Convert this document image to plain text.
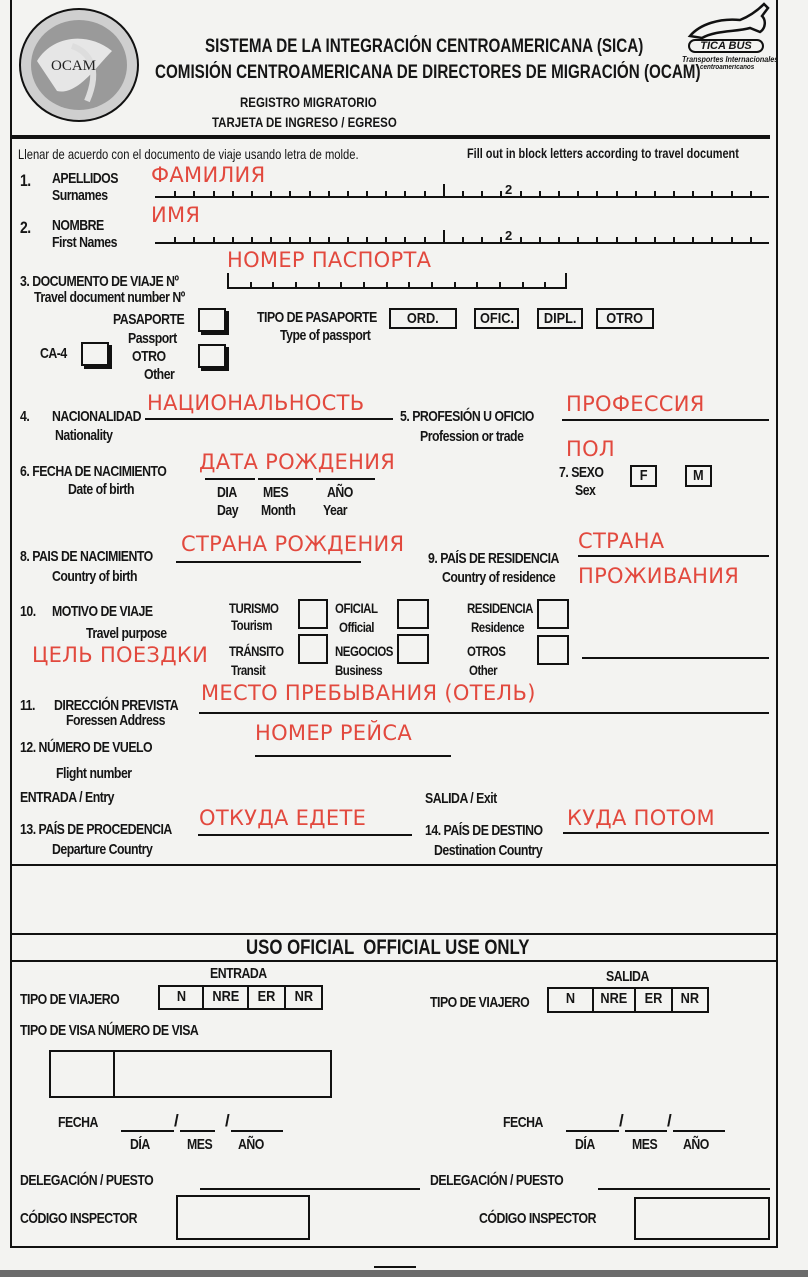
OCAM
SISTEMA DE LA INTEGRACIÓN CENTROAMERICANA (SICA)
COMISIÓN CENTROAMERICANA DE DIRECTORES DE MIGRACIÓN (OCAM)
REGISTRO MIGRATORIO
TARJETA DE INGRESO / EGRESO
TICA BUS
Transportes Internacionales
centroamericanos
Llenar de acuerdo con el documento de viaje usando letra de molde.	Fill out in block letters according to travel document
1. APELLIDOS
Surnames
ФАМИЛИЯ
2
2. NOMBRE
First Names
ИМЯ
2
НОМЕР ПАСПОРТА
3. DOCUMENTO DE VIAJE Nº
Travel document number Nº
PASAPORTE
Passport
CA-4	OTRO
Other
TIPO DE PASAPORTE
Type of passport
ORD.	OFIC.	DIPL.	OTRO
4. NACIONALIDAD
Nationality
НАЦИОНАЛЬНОСТЬ
5. PROFESIÓN U OFICIO
Profession or trade
ПРОФЕССИЯ
6. FECHA DE NACIMIENTO
Date of birth
ДАТА РОЖДЕНИЯ
DIA MES	AÑO
Day Month Year
ПОЛ
7. SEXO
Sex
F	M
8. PAIS DE NACIMIENTO
Country of birth
СТРАНА РОЖДЕНИЯ
9. PAÍS DE RESIDENCIA
Country of residence
СТРАНА
ПРОЖИВАНИЯ
10. MOTIVO DE VIAJE
Travel purpose
ЦЕЛЬ ПОЕЗДКИ
TURISMO
Tourism
OFICIAL
Official
RESIDENCIA
Residence
TRÁNSITO
Transit
NEGOCIOS
Business
OTROS
Other
11. DIRECCIÓN PREVISTA
Foressen Address
МЕСТО ПРЕБЫВАНИЯ (ОТЕЛЬ)
НОМЕР РЕЙСА
12. NÚMERO DE VUELO
Flight number
ENTRADA / Entry	SALIDA / Exit
13. PAÍS DE PROCEDENCIA
Departure Country
ОТКУДА ЕДЕТЕ
14. PAÍS DE DESTINO
Destination Country
КУДА ПОТОМ
USO OFICIAL  OFFICIAL USE ONLY
ENTRADA
TIPO DE VIAJERO	N	NRE	ER	NR
SALIDA
TIPO DE VIAJERO	N	NRE	ER	NR
TIPO DE VISA NÚMERO DE VISA
FECHA	/	/
DÍA MES AÑO
FECHA	/	/
DÍA MES AÑO
DELEGACIÓN / PUESTO	DELEGACIÓN / PUESTO
CÓDIGO INSPECTOR	CÓDIGO INSPECTOR
